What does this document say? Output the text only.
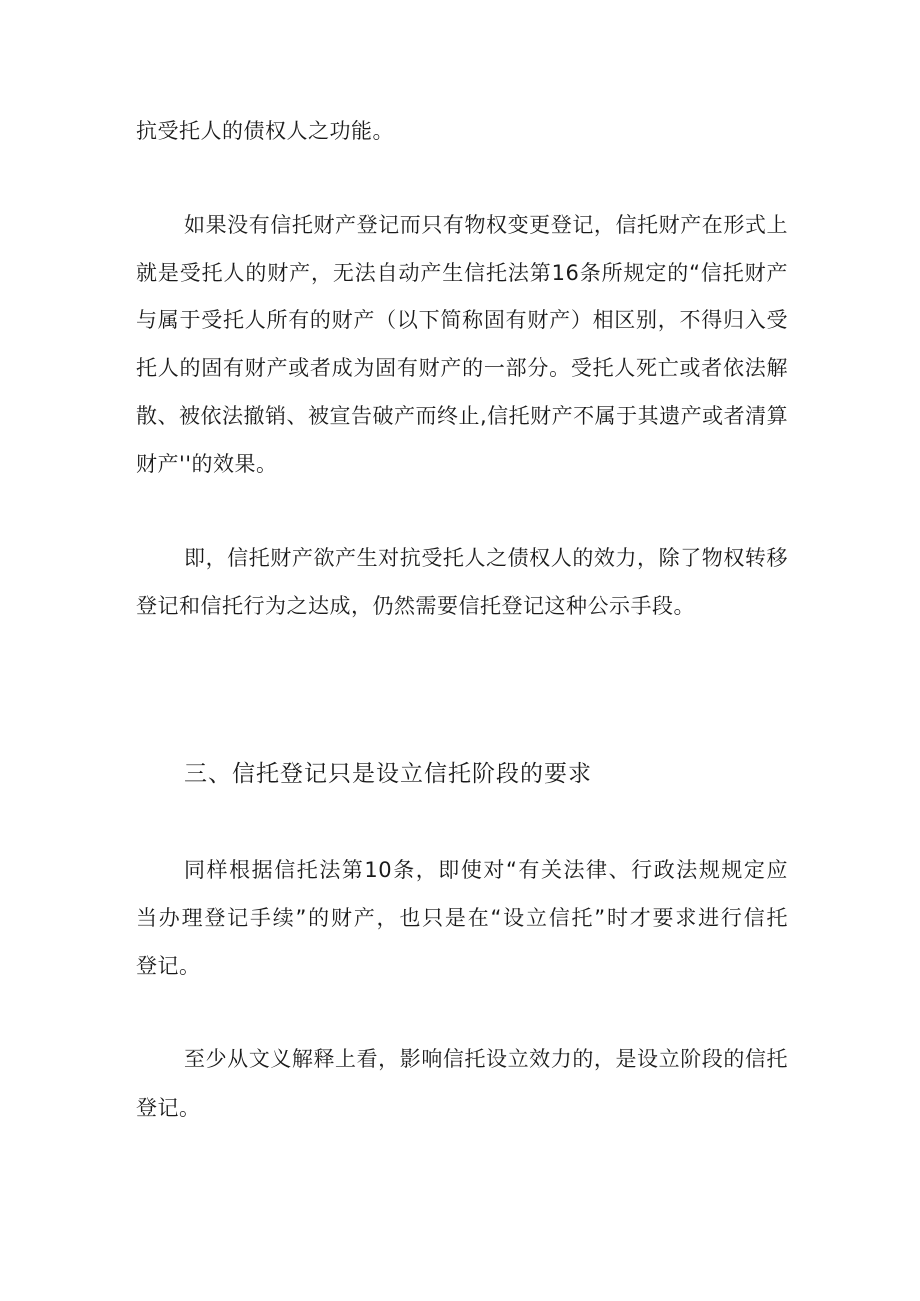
抗受托人的债权人之功能。
如果没有信托财产登记而只有物权变更登记，信托财产在形式上
就是受托人的财产，无法自动产生信托法第16条所规定的“信托财产
与属于受托人所有的财产（以下简称固有财产）相区别，不得归入受
托人的固有财产或者成为固有财产的一部分。受托人死亡或者依法解
散、被依法撤销、被宣告破产而终止,信托财产不属于其遗产或者清算
财产''的效果。
即，信托财产欲产生对抗受托人之债权人的效力，除了物权转移
登记和信托行为之达成，仍然需要信托登记这种公示手段。
三、信托登记只是设立信托阶段的要求
同样根据信托法第10条，即使对“有关法律、行政法规规定应
当办理登记手续”的财产，也只是在“设立信托”时才要求进行信托
登记。
至少从文义解释上看，影响信托设立效力的，是设立阶段的信托
登记。
